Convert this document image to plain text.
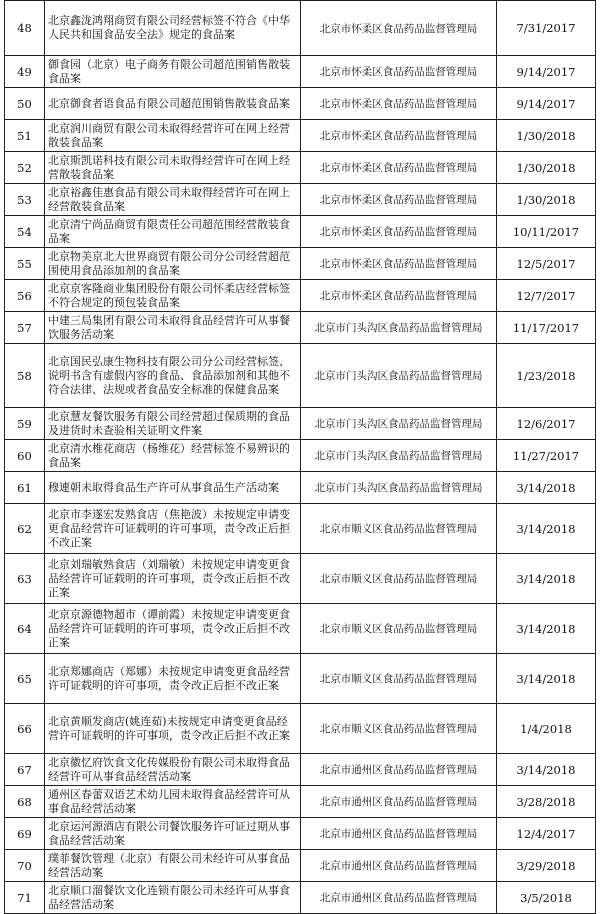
48	北京鑫泷鸿翔商贸有限公司经营标签不符合《中华人民共和国食品安全法》规定的食品案	北京市怀柔区食品药品监督管理局	7/31/2017
49	御食园（北京）电子商务有限公司超范围销售散装食品案	北京市怀柔区食品药品监督管理局	9/14/2017
50	北京御食者语食品有限公司超范围销售散装食品案	北京市怀柔区食品药品监督管理局	9/14/2017
51	北京润川商贸有限公司未取得经营许可在网上经营散装食品案	北京市怀柔区食品药品监督管理局	1/30/2018
52	北京斯凯诺科技有限公司未取得经营许可在网上经营散装食品案	北京市怀柔区食品药品监督管理局	1/30/2018
53	北京裕鑫佳惠食品有限公司未取得经营许可在网上经营散装食品案	北京市怀柔区食品药品监督管理局	1/30/2018
54	北京清宁尚品商贸有限责任公司超范围经营散装食品案	北京市怀柔区食品药品监督管理局	10/11/2017
55	北京物美京北大世界商贸有限公司分公司经营超范围使用食品添加剂的食品案	北京市怀柔区食品药品监督管理局	12/5/2017
56	北京京客隆商业集团股份有限公司怀柔店经营标签不符合规定的预包装食品案	北京市怀柔区食品药品监督管理局	12/7/2017
57	中建三局集团有限公司未取得食品经营许可从事餐饮服务活动案	北京市门头沟区食品药品监督管理局	11/17/2017
58	北京国民弘康生物科技有限公司分公司经营标签、说明书含有虚假内容的食品、食品添加剂和其他不符合法律、法规或者食品安全标准的保健食品案	北京市门头沟区食品药品监督管理局	1/23/2018
59	北京慧友餐饮服务有限公司经营超过保质期的食品及进货时未查验相关证明文件案	北京市门头沟区食品药品监督管理局	12/6/2017
60	北京清水椎花商店（杨维花）经营标签不易辨识的食品案	北京市门头沟区食品药品监督管理局	11/27/2017
61	穆連朝未取得食品生产许可从事食品生产活动案	北京市门头沟区食品药品监督管理局	3/14/2018
62	北京市李遂宏发熟食店（焦艳波）未按规定申请变更食品经营许可证载明的许可事项，责令改正后拒不改正案	北京市顺义区食品药品监督管理局	3/14/2018
63	北京刘瑞敏熟食店（刘瑞敏）未按规定申请变更食品经营许可证载明的许可事项，责令改正后拒不改正案	北京市顺义区食品药品监督管理局	3/14/2018
64	北京京源德物超市（谭前霞）未按规定申请变更食品经营许可证载明的许可事项，责令改正后拒不改正案	北京市顺义区食品药品监督管理局	3/14/2018
65	北京郑娜商店（郑娜）未按规定申请变更食品经营许可证载明的许可事项，责令改正后拒不改正案	北京市顺义区食品药品监督管理局	3/14/2018
66	北京黄顺发商店(姚连茹)未按规定申请变更食品经营许可证载明的许可事项，责令改正后拒不改正案	北京市顺义区食品药品监督管理局	1/4/2018
67	北京徽忆府饮食文化传媒股份有限公司未取得食品经营许可从事食品经营活动案	北京市通州区食品药品监督管理局	3/14/2018
68	通州区春蕾双语艺术幼儿园未取得食品经营许可从事食品经营活动案	北京市通州区食品药品监督管理局	3/28/2018
69	北京运河源酒店有限公司餐饮服务许可证过期从事食品经营活动案	北京市通州区食品药品监督管理局	12/4/2017
70	璞菲餐饮管理（北京）有限公司未经许可从事食品经营活动案	北京市通州区食品药品监督管理局	3/29/2018
71	北京顺口溜餐饮文化连锁有限公司未经许可从事食品经营活动案	北京市通州区食品药品监督管理局	3/5/2018
